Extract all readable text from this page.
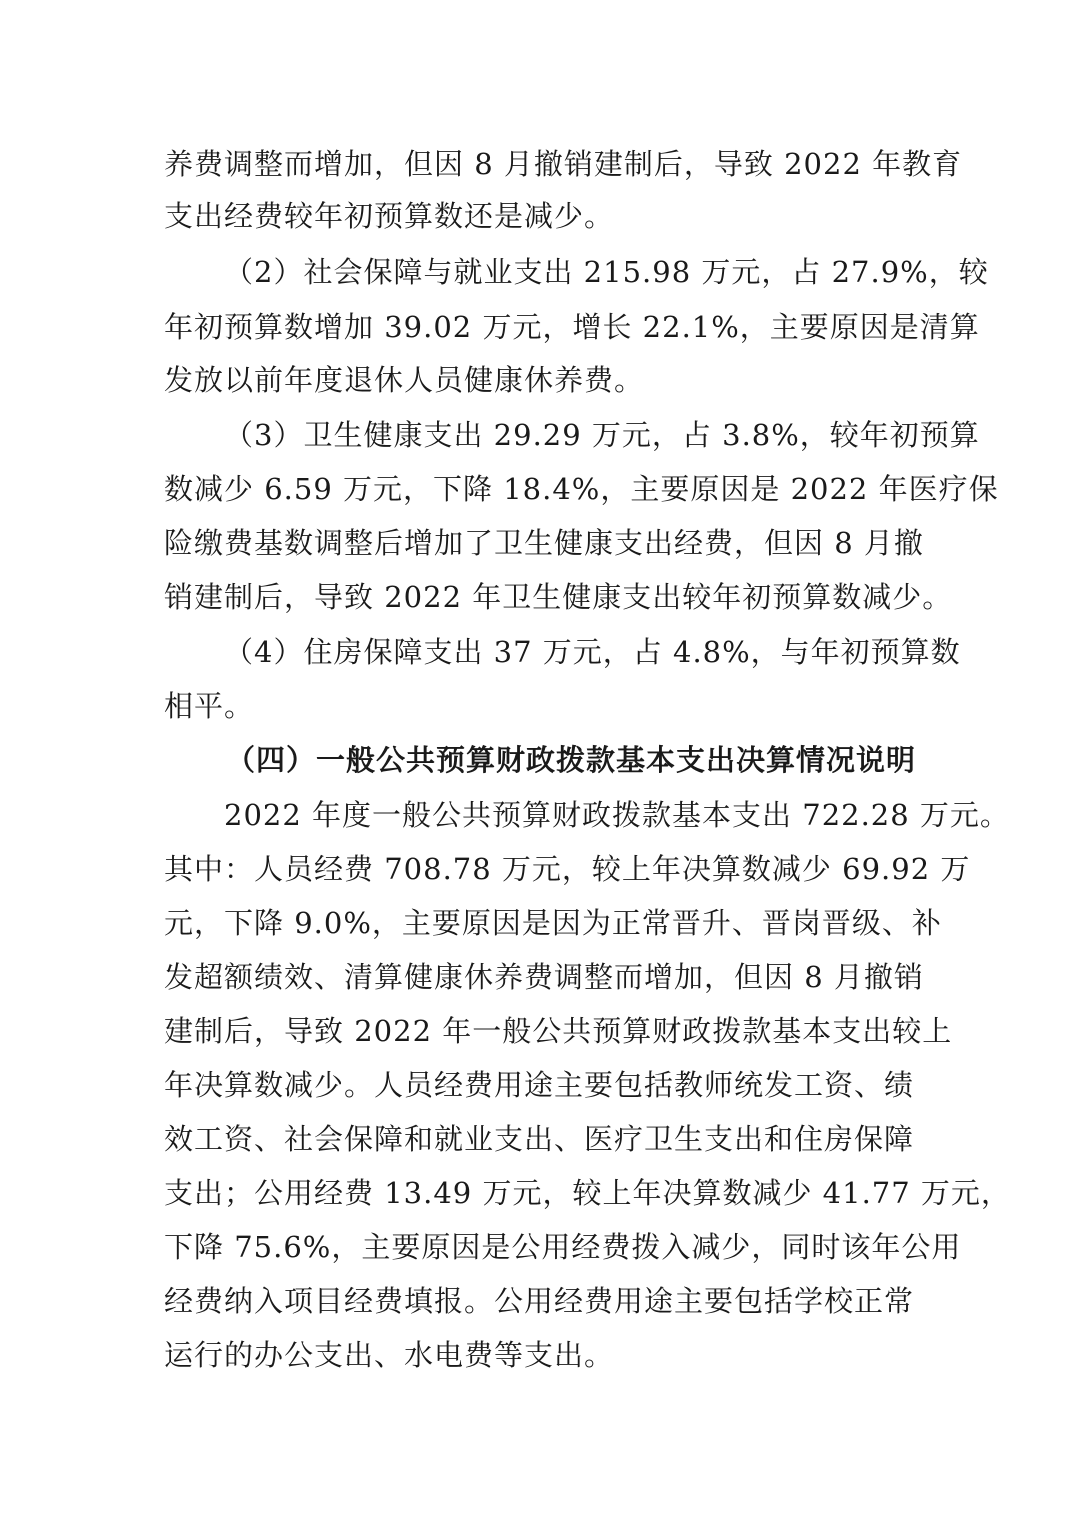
养费调整而增加，但因 8 月撤销建制后，导致 2022 年教育
支出经费较年初预算数还是减少。
（2）社会保障与就业支出 215.98 万元，占 27.9%，较
年初预算数增加 39.02 万元，增长 22.1%，主要原因是清算
发放以前年度退休人员健康休养费。
（3）卫生健康支出 29.29 万元，占 3.8%，较年初预算
数减少 6.59 万元，下降 18.4%，主要原因是 2022 年医疗保
险缴费基数调整后增加了卫生健康支出经费，但因 8 月撤
销建制后，导致 2022 年卫生健康支出较年初预算数减少。
（4）住房保障支出 37 万元，占 4.8%，与年初预算数
相平。
（四）一般公共预算财政拨款基本支出决算情况说明
2022 年度一般公共预算财政拨款基本支出 722.28 万元。
其中：人员经费 708.78 万元，较上年决算数减少 69.92 万
元，下降 9.0%，主要原因是因为正常晋升、晋岗晋级、补
发超额绩效、清算健康休养费调整而增加，但因 8 月撤销
建制后，导致 2022 年一般公共预算财政拨款基本支出较上
年决算数减少。人员经费用途主要包括教师统发工资、绩
效工资、社会保障和就业支出、医疗卫生支出和住房保障
支出；公用经费 13.49 万元，较上年决算数减少 41.77 万元，
下降 75.6%，主要原因是公用经费拨入减少，同时该年公用
经费纳入项目经费填报。公用经费用途主要包括学校正常
运行的办公支出、水电费等支出。
